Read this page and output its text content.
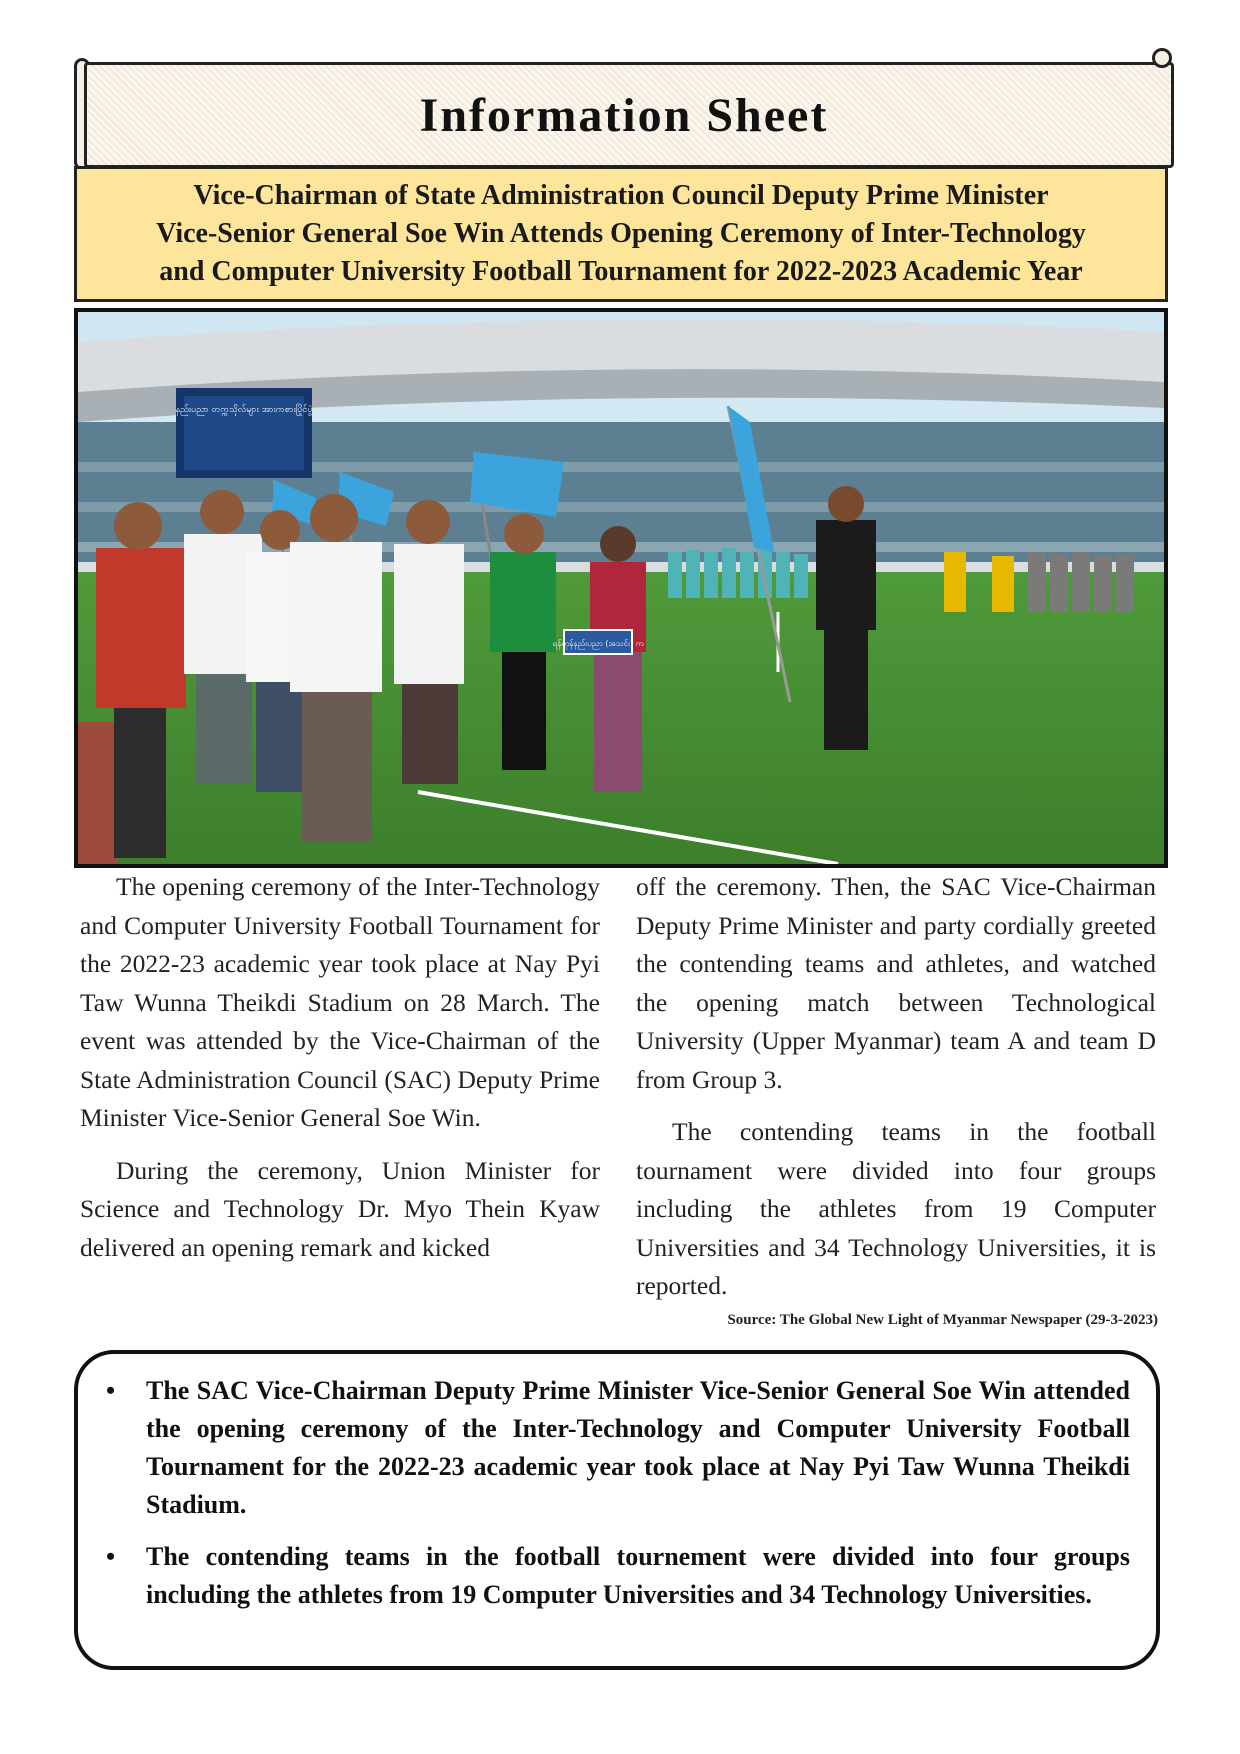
Information Sheet
Vice-Chairman of State Administration Council Deputy Prime Minister
Vice-Senior General Soe Win Attends Opening Ceremony of Inter-Technology
and Computer University Football Tournament for 2022-2023 Academic Year
နည်းပညာ တက္ကသိုလ်များ အားကစားပြိုင်ပွဲ
ရန်ကုန်နည်းပညာ (အသင်း) က

The opening ceremony of the Inter-Technology and Computer University Football Tournament for the 2022-23 academic year took place at Nay Pyi Taw Wunna Theikdi Stadium on 28 March. The event was attended by the Vice-Chairman of the State Administration Council (SAC) Deputy Prime Minister Vice-Senior General Soe Win.

During the ceremony, Union Minister for Science and Technology Dr. Myo Thein Kyaw delivered an opening remark and kicked

off the ceremony. Then, the SAC Vice-Chairman Deputy Prime Minister and party cordially greeted the contending teams and athletes, and watched the opening match between Technological University (Upper Myanmar) team A and team D from Group 3.

The contending teams in the football tournament were divided into four groups including the athletes from 19 Computer Universities and 34 Technology Universities, it is reported.

Source: The Global New Light of Myanmar Newspaper (29-3-2023)
• The SAC Vice-Chairman Deputy Prime Minister Vice-Senior General Soe Win attended the opening ceremony of the Inter-Technology and Computer University Football Tournament for the 2022-23 academic year took place at Nay Pyi Taw Wunna Theikdi Stadium.
• The contending teams in the football tournement were divided into four groups including the athletes from 19 Computer Universities and 34 Technology Universities.
